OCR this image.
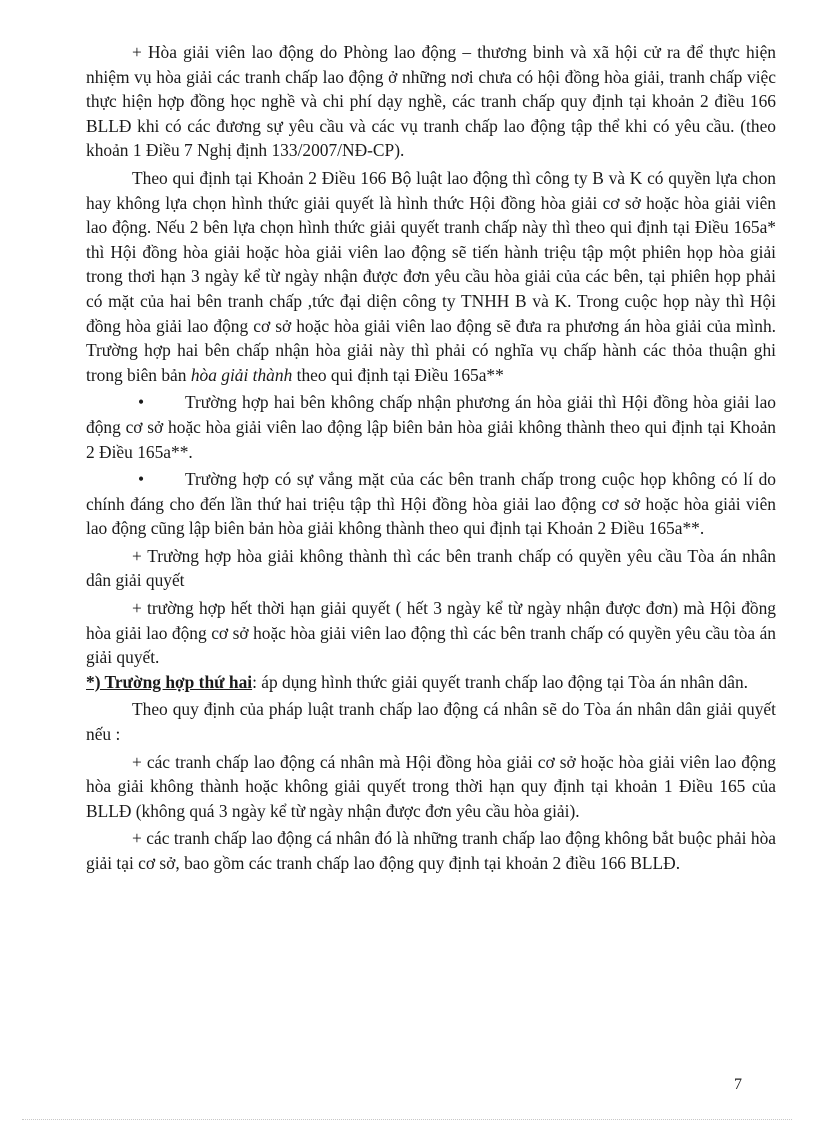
+ Hòa giải viên lao động do Phòng lao động – thương binh và xã hội cử ra để thực hiện nhiệm vụ hòa giải các tranh chấp lao động ở những nơi chưa có hội đồng hòa giải, tranh chấp việc thực hiện hợp đồng học nghề và chi phí dạy nghề, các tranh chấp quy định tại khoản 2 điều 166 BLLĐ khi có các đương sự yêu cầu và các vụ tranh chấp lao động tập thể khi có yêu cầu. (theo khoản 1 Điều 7 Nghị định 133/2007/NĐ-CP).

Theo qui định tại Khoản 2 Điều 166 Bộ luật lao động thì công ty B và K có quyền lựa chon hay không lựa chọn hình thức giải quyết là hình thức Hội đồng hòa giải cơ sở hoặc hòa giải viên lao động. Nếu 2 bên lựa chọn hình thức giải quyết tranh chấp này thì theo qui định tại Điều 165a* thì Hội đồng hòa giải hoặc hòa giải viên lao động sẽ tiến hành triệu tập một phiên họp hòa giải trong thơi hạn 3 ngày kể từ ngày nhận được đơn yêu cầu hòa giải của các bên, tại phiên họp phải có mặt của hai bên tranh chấp ,tức đại diện công ty TNHH B và K. Trong cuộc họp này thì Hội đồng hòa giải lao động cơ sở hoặc hòa giải viên lao động sẽ đưa ra phương án hòa giải của mình. Trường hợp hai bên chấp nhận hòa giải này thì phải có nghĩa vụ chấp hành các thỏa thuận ghi trong biên bản hòa giải thành theo qui định tại Điều 165a**

• Trường hợp hai bên không chấp nhận phương án hòa giải thì Hội đồng hòa giải lao động cơ sở hoặc hòa giải viên lao động lập biên bản hòa giải không thành theo qui định tại Khoản 2 Điều 165a**.

• Trường hợp có sự vắng mặt của các bên tranh chấp trong cuộc họp không có lí do chính đáng cho đến lần thứ hai triệu tập thì Hội đồng hòa giải lao động cơ sở hoặc hòa giải viên lao động cũng lập biên bản hòa giải không thành theo qui định tại Khoản 2 Điều 165a**.

+ Trường hợp hòa giải không thành thì các bên tranh chấp có quyền yêu cầu Tòa án nhân dân giải quyết

+ trường hợp hết thời hạn giải quyết ( hết 3 ngày kể từ ngày nhận được đơn) mà Hội đồng hòa giải lao động cơ sở hoặc hòa giải viên lao động thì các bên tranh chấp có quyền yêu cầu tòa án giải quyết.

*) Trường hợp thứ hai: áp dụng hình thức giải quyết tranh chấp lao động tại Tòa án nhân dân.

Theo quy định của pháp luật tranh chấp lao động cá nhân sẽ do Tòa án nhân dân giải quyết nếu :

+ các tranh chấp lao động cá nhân mà Hội đồng hòa giải cơ sở hoặc hòa giải viên lao động hòa giải không thành hoặc không giải quyết trong thời hạn quy định tại khoản 1 Điều 165 của BLLĐ (không quá 3 ngày kể từ ngày nhận được đơn yêu cầu hòa giải).

+ các tranh chấp lao động cá nhân đó là những tranh chấp lao động không bắt buộc phải hòa giải tại cơ sở, bao gồm các tranh chấp lao động quy định tại khoản 2 điều 166 BLLĐ.

7
